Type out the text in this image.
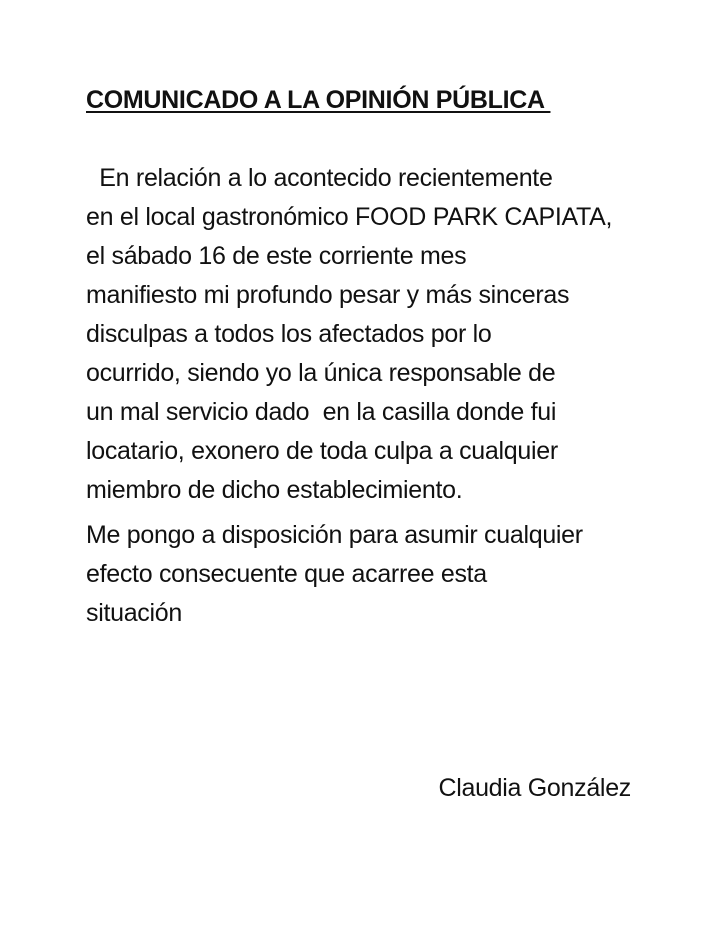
COMUNICADO A LA OPINIÓN PÚBLICA

En relación a lo acontecido recientemente
en el local gastronómico FOOD PARK CAPIATA,
el sábado 16 de este corriente mes
manifiesto mi profundo pesar y más sinceras
disculpas a todos los afectados por lo
ocurrido, siendo yo la única responsable de
un mal servicio dado  en la casilla donde fui
locatario, exonero de toda culpa a cualquier
miembro de dicho establecimiento.

Me pongo a disposición para asumir cualquier
efecto consecuente que acarree esta
situación

Claudia González
